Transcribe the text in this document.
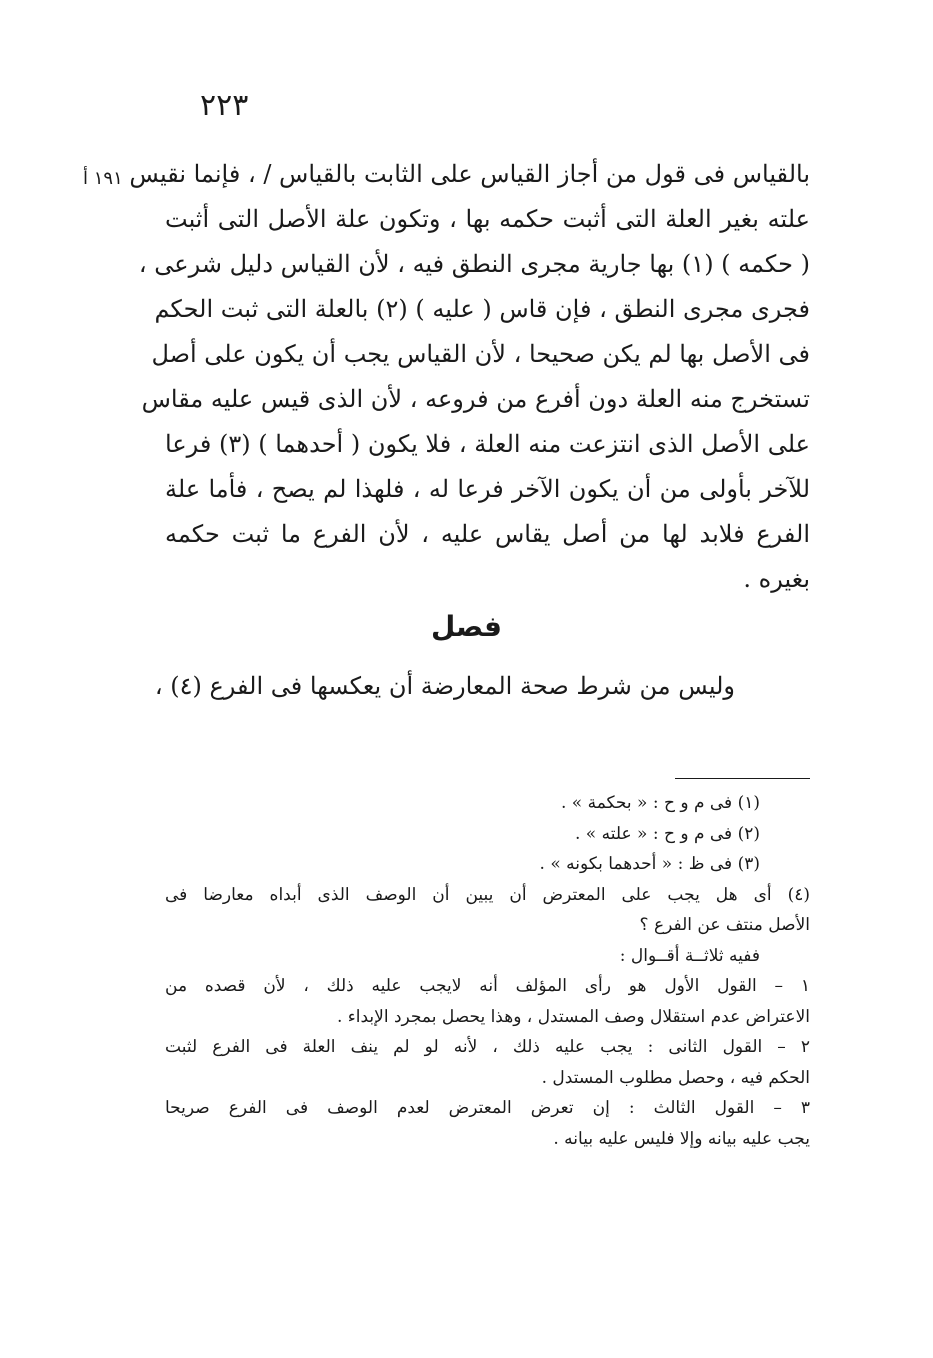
٢٢٣
١٩١ أ بالقياس فى قول من أجاز القياس على الثابت بالقياس / ، فإنما نقيس
علته بغير العلة التى أثبت حكمه بها ، وتكون علة الأصل التى أثبت
( حكمه ) (١) بها جارية مجرى النطق فيه ، لأن القياس دليل شرعى ،
فجرى مجرى النطق ، فإن قاس ( عليه ) (٢) بالعلة التى ثبت الحكم
فى الأصل بها لم يكن صحيحا ، لأن القياس يجب أن يكون على أصل
تستخرج منه العلة دون أفرع من فروعه ، لأن الذى قيس عليه مقاس
على الأصل الذى انتزعت منه العلة ، فلا يكون ( أحدهما ) (٣) فرعا
للآخر بأولى من أن يكون الآخر فرعا له ، فلهذا لم يصح ، فأما علة
الفرع فلابد لها من أصل يقاس عليه ، لأن الفرع ما ثبت حكمه
بغيره .
فصل
وليس من شرط صحة المعارضة أن يعكسها فى الفرع (٤) ،
(١) فى م و ح : « بحكمة » .
(٢) فى م و ح : « علته » .
(٣) فى ظ : « أحدهما بكونه » .
(٤) أى هل يجب على المعترض أن يبين أن الوصف الذى أبداه معارضا فى
الأصل منتف عن الفرع ؟
ففيه ثلاثــة أقــوال :
١ – القول الأول هو رأى المؤلف أنه لايجب عليه ذلك ، لأن قصده من
الاعتراض عدم استقلال وصف المستدل ، وهذا يحصل بمجرد الإبداء .
٢ – القول الثانى : يجب عليه ذلك ، لأنه لو لم ينف العلة فى الفرع لثبت
الحكم فيه ، وحصل مطلوب المستدل .
٣ – القول الثالث : إن تعرض المعترض لعدم الوصف فى الفرع صريحا
يجب عليه بيانه وإلا فليس عليه بيانه .
